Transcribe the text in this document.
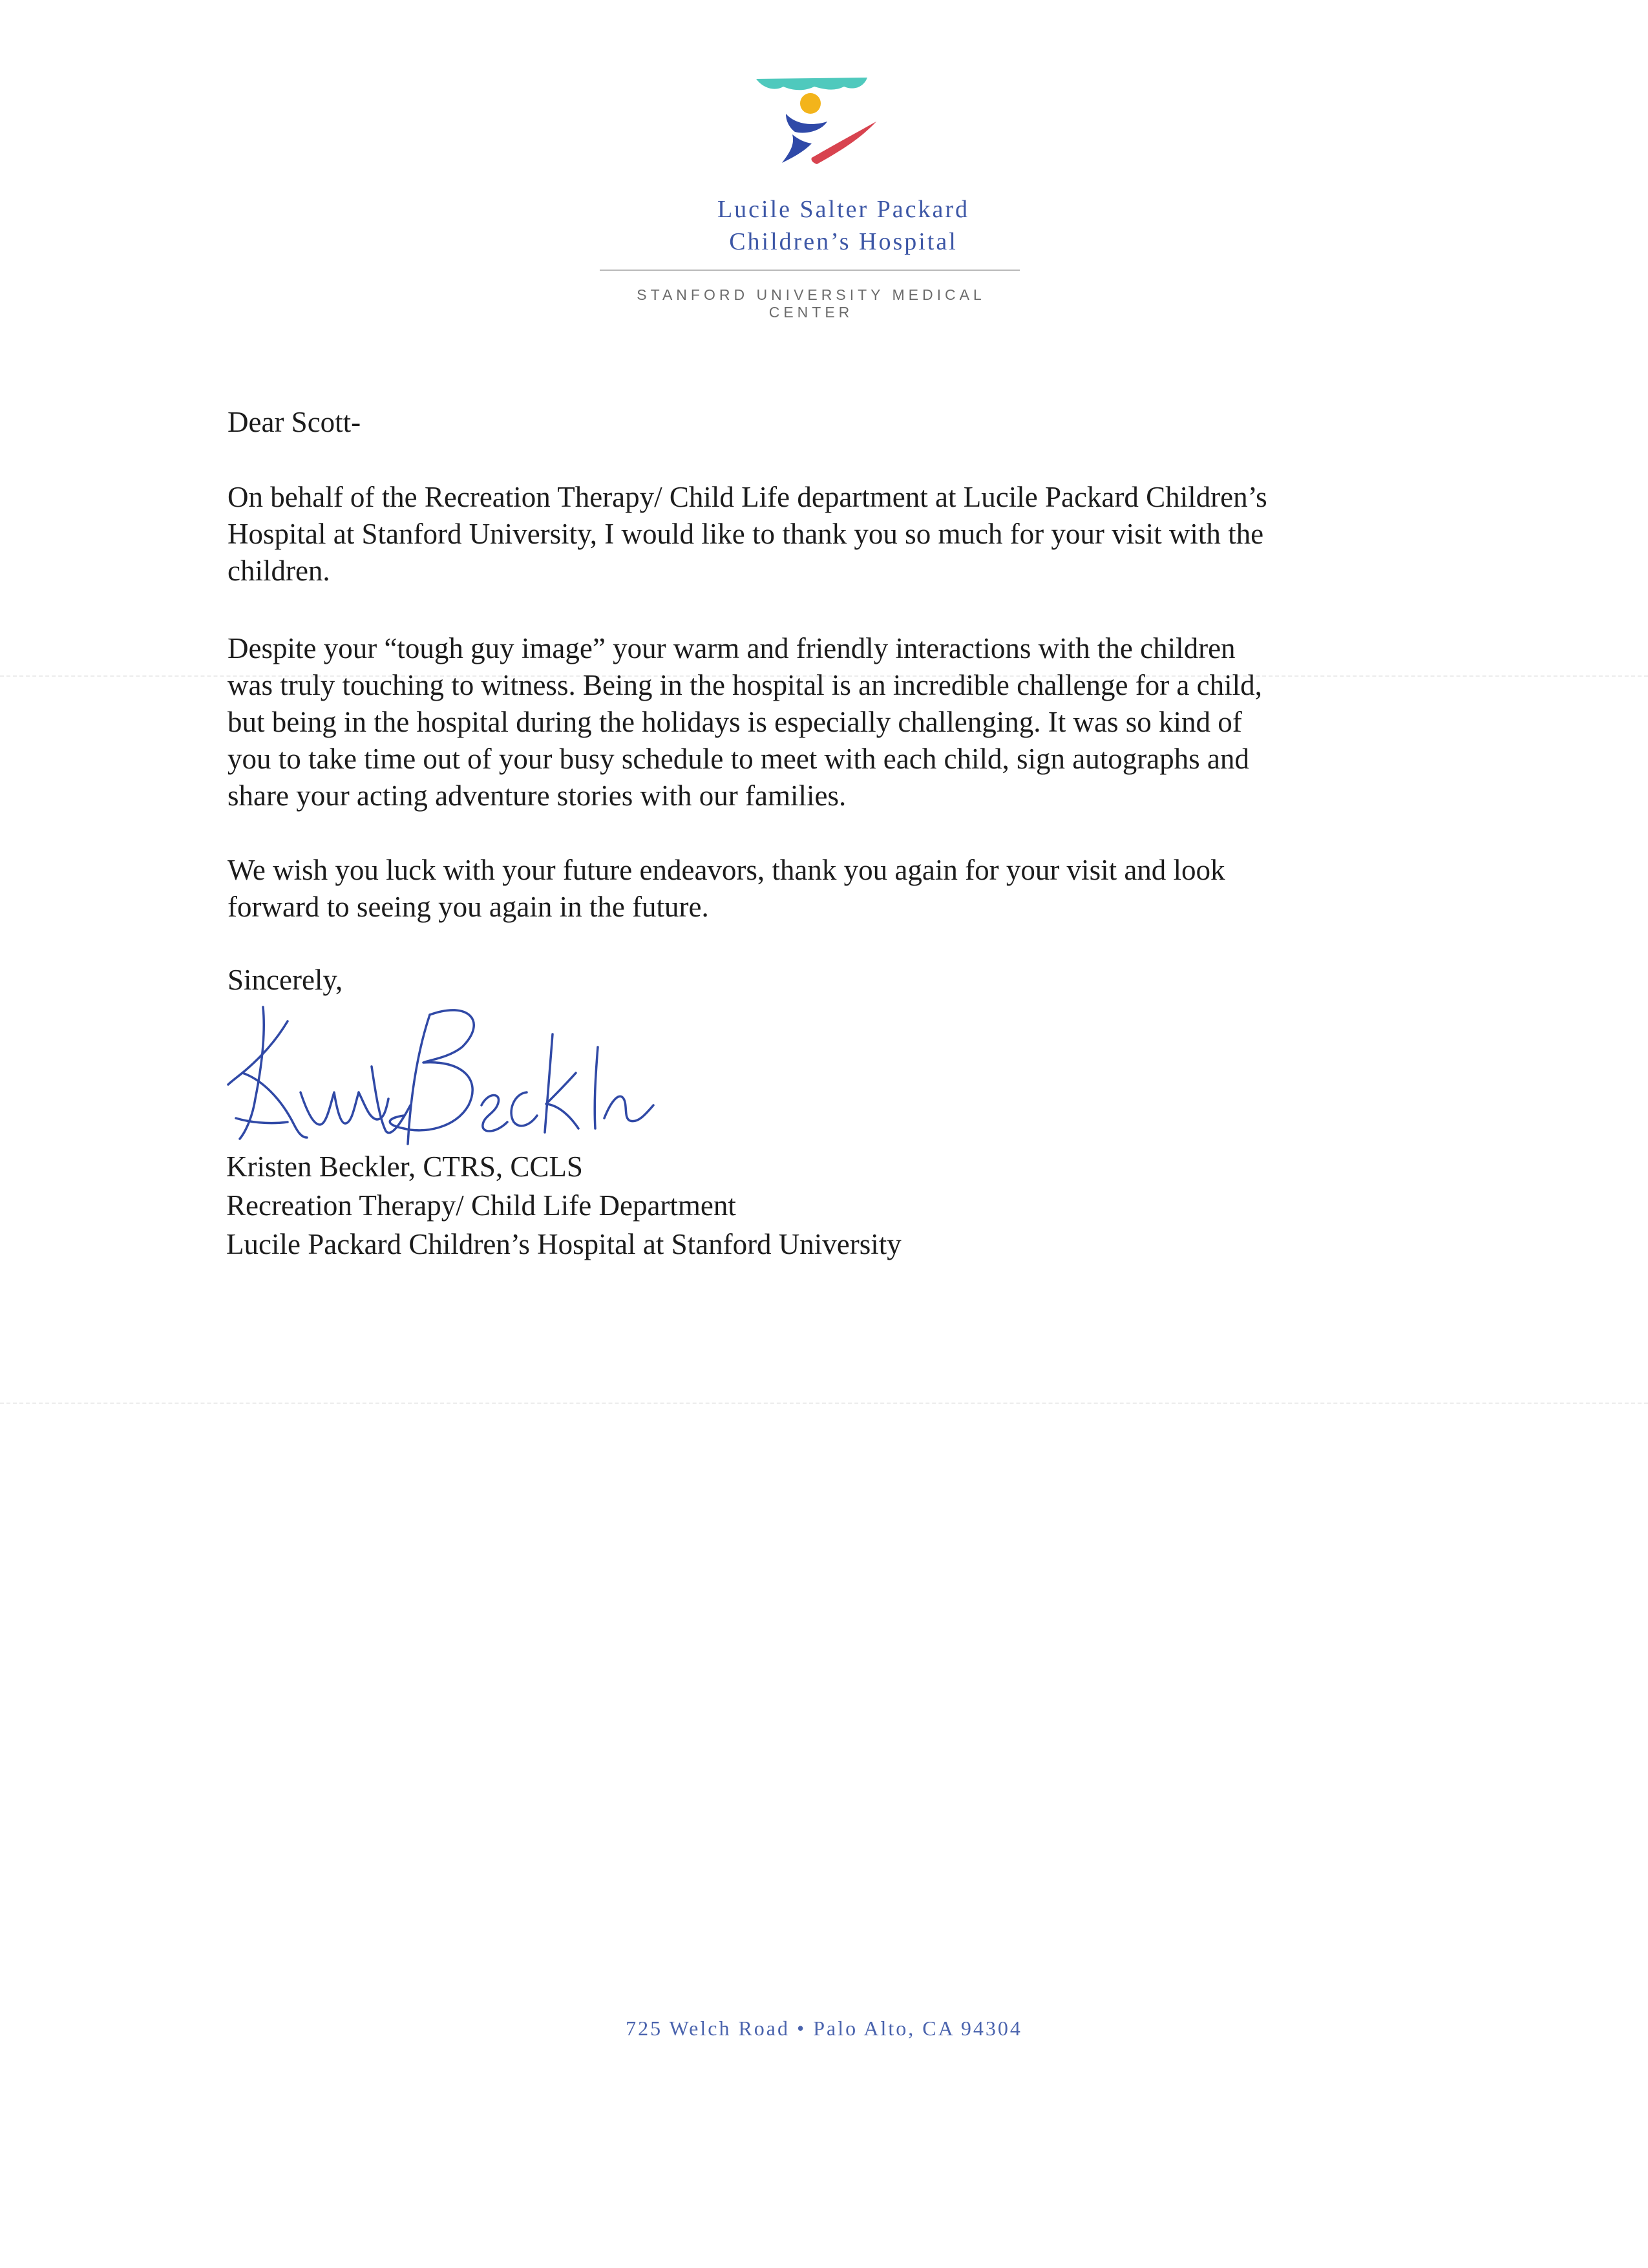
Lucile Salter Packard
Children’s Hospital
STANFORD UNIVERSITY MEDICAL CENTER
Dear Scott-
On behalf of the Recreation Therapy/ Child Life department at Lucile Packard Children’s
Hospital at Stanford University, I would like to thank you so much for your visit with the
children.
Despite your “tough guy image” your warm and friendly interactions with the children
was truly touching to witness. Being in the hospital is an incredible challenge for a child,
but being in the hospital during the holidays is especially challenging. It was so kind of
you to take time out of your busy schedule to meet with each child, sign autographs and
share your acting adventure stories with our families.
We wish you luck with your future endeavors, thank you again for your visit and look
forward to seeing you again in the future.
Sincerely,
Kristen Beckler, CTRS, CCLS
Recreation Therapy/ Child Life Department
Lucile Packard Children’s Hospital at Stanford University
725 Welch Road • Palo Alto, CA 94304
